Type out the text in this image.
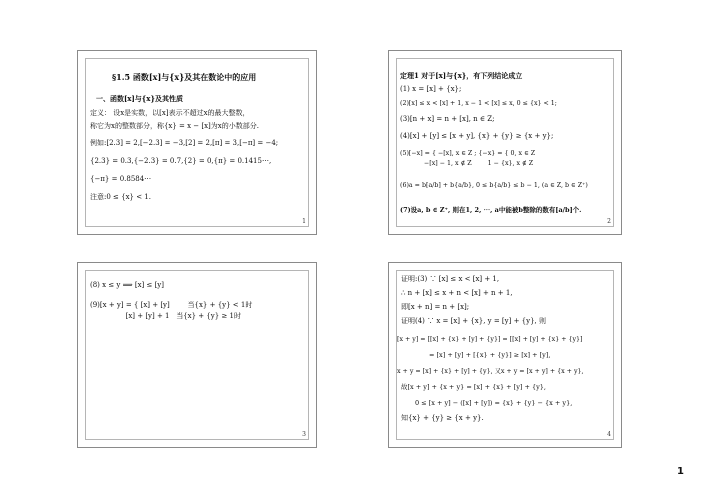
§1.5 函数[x]与{x}及其在数论中的应用
一、函数[x]与{x}及其性质
定义： 设x是实数，以[x]表示不超过x的最大整数，
称它为x的整数部分，称{x} = x − [x]为x的小数部分.
例如:[2.3] = 2,[−2.3] = −3,[2] = 2,[π] = 3,[−π] = −4;
{2.3} = 0.3,{−2.3} = 0.7,{2} = 0,{π} = 0.1415⋯,
{−π} = 0.8584⋯
注意:0 ≤ {x} < 1.
1
定理1 对于[x]与{x}，有下列结论成立
(1) x = [x] + {x};
(2)[x] ≤ x < [x] + 1, x − 1 < [x] ≤ x, 0 ≤ {x} < 1;
(3)[n + x] = n + [x], n ∈ Z;
(4)[x] + [y] ≤ [x + y], {x} + {y} ≥ {x + y};
(5)[−x] = { −[x], x ∈ Z ; {−x} = { 0, x ∈ Z
−[x] − 1, x ∉ Z        1 − {x}, x ∉ Z
(6)a = b[a/b] + b{a/b}, 0 ≤ b{a/b} ≤ b − 1, (a ∈ Z, b ∈ Z⁺)
(7)设a, b ∈ Z⁺, 则在1, 2, ⋯, a中能被b整除的数有[a/b]个.
2
(8) x ≤ y ⟹ [x] ≤ [y]
(9)[x + y] = { [x] + [y]        当{x} + {y} < 1时
[x] + [y] + 1   当{x} + {y} ≥ 1时
3
证明:(3) ∵ [x] ≤ x < [x] + 1,
∴ n + [x] ≤ x + n < [x] + n + 1,
即[x + n] = n + [x];
证明(4) ∵ x = [x] + {x}, y = [y] + {y}, 则
[x + y] = [[x] + {x} + [y] + {y}] = [[x] + [y] + {x} + {y}]
= [x] + [y] + [{x} + {y}] ≥ [x] + [y],
x + y = [x] + {x} + [y] + {y}, 又x + y = [x + y] + {x + y},
故[x + y] + {x + y} = [x] + {x} + [y] + {y},
0 ≤ [x + y] − ([x] + [y]) = {x} + {y} − {x + y},
知{x} + {y} ≥ {x + y}.
4
1
